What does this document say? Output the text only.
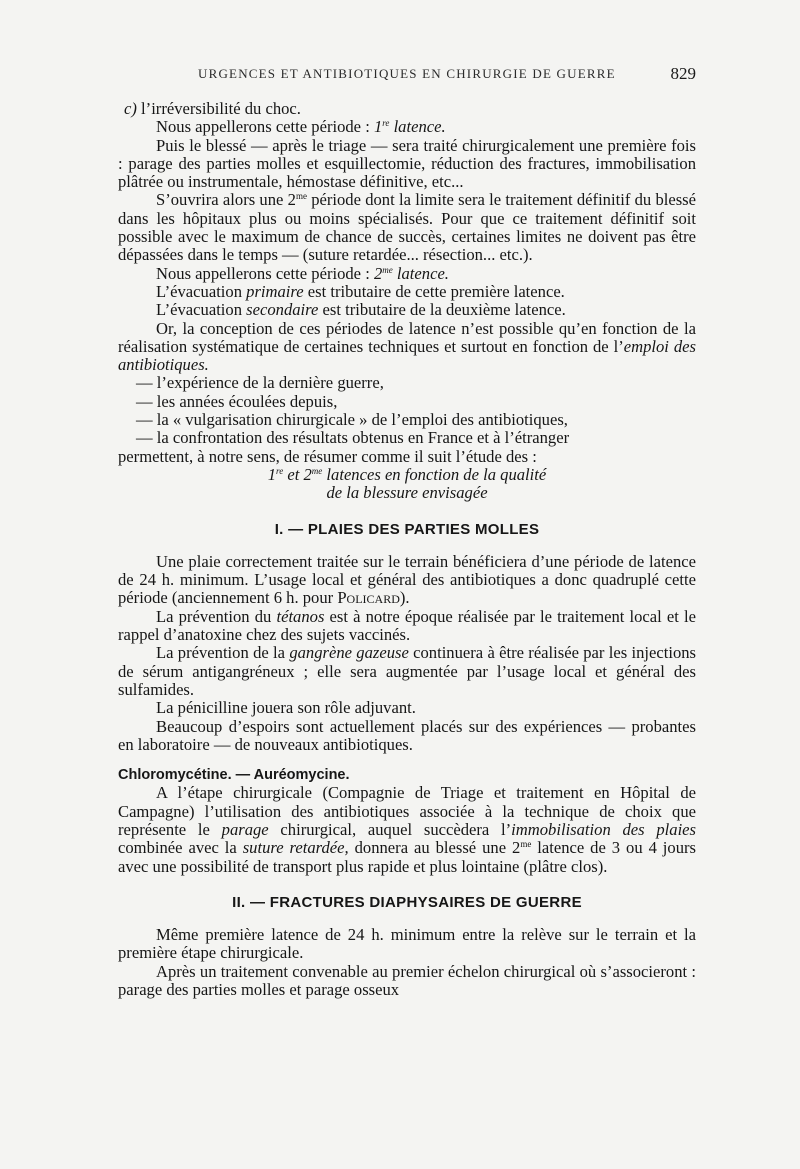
URGENCES ET ANTIBIOTIQUES EN CHIRURGIE DE GUERRE	829

c) l’irréversibilité du choc.

Nous appellerons cette période : 1re latence.

Puis le blessé — après le triage — sera traité chirurgicalement une première fois : parage des parties molles et esquillectomie, réduction des fractures, immobilisation plâtrée ou instrumentale, hémostase définitive, etc...

S’ouvrira alors une $2^{me}$ période dont la limite sera le traitement définitif du blessé dans les hôpitaux plus ou moins spécialisés. Pour que ce traitement définitif soit possible avec le maximum de chance de succès, certaines limites ne doivent pas être dépassées dans le temps — (suture retardée... résection... etc.).

Nous appellerons cette période : $2^{me}$ latence.

L’évacuation primaire est tributaire de cette première latence.

L’évacuation secondaire est tributaire de la deuxième latence.

Or, la conception de ces périodes de latence n’est possible qu’en fonction de la réalisation systématique de certaines techniques et surtout en fonction de l’emploi des antibiotiques.

— l’expérience de la dernière guerre,

— les années écoulées depuis,

— la « vulgarisation chirurgicale » de l’emploi des antibiotiques,

— la confrontation des résultats obtenus en France et à l’étranger

permettent, à notre sens, de résumer comme il suit l’étude des :

1re et $2^{me}$ latences en fonction de la qualité

de la blessure envisagée

I. — PLAIES DES PARTIES MOLLES

Une plaie correctement traitée sur le terrain bénéficiera d’une période de latence de 24 h. minimum. L’usage local et général des antibiotiques a donc quadruplé cette période (anciennement 6 h. pour Policard).

La prévention du tétanos est à notre époque réalisée par le traitement local et le rappel d’anatoxine chez des sujets vaccinés.

La prévention de la gangrène gazeuse continuera à être réalisée par les injections de sérum antigangréneux ; elle sera augmentée par l’usage local et général des sulfamides.

La pénicilline jouera son rôle adjuvant.

Beaucoup d’espoirs sont actuellement placés sur des expériences — probantes en laboratoire — de nouveaux antibiotiques.

Chloromycétine. — Auréomycine.

A l’étape chirurgicale (Compagnie de Triage et traitement en Hôpital de Campagne) l’utilisation des antibiotiques associée à la technique de choix que représente le parage chirurgical, auquel succèdera l’immobilisation des plaies combinée avec la suture retardée, donnera au blessé une $2^{me}$ latence de 3 ou 4 jours avec une possibilité de transport plus rapide et plus lointaine (plâtre clos).

II. — FRACTURES DIAPHYSAIRES DE GUERRE

Même première latence de 24 h. minimum entre la relève sur le terrain et la première étape chirurgicale.

Après un traitement convenable au premier échelon chirurgical où s’associeront : parage des parties molles et parage osseux
